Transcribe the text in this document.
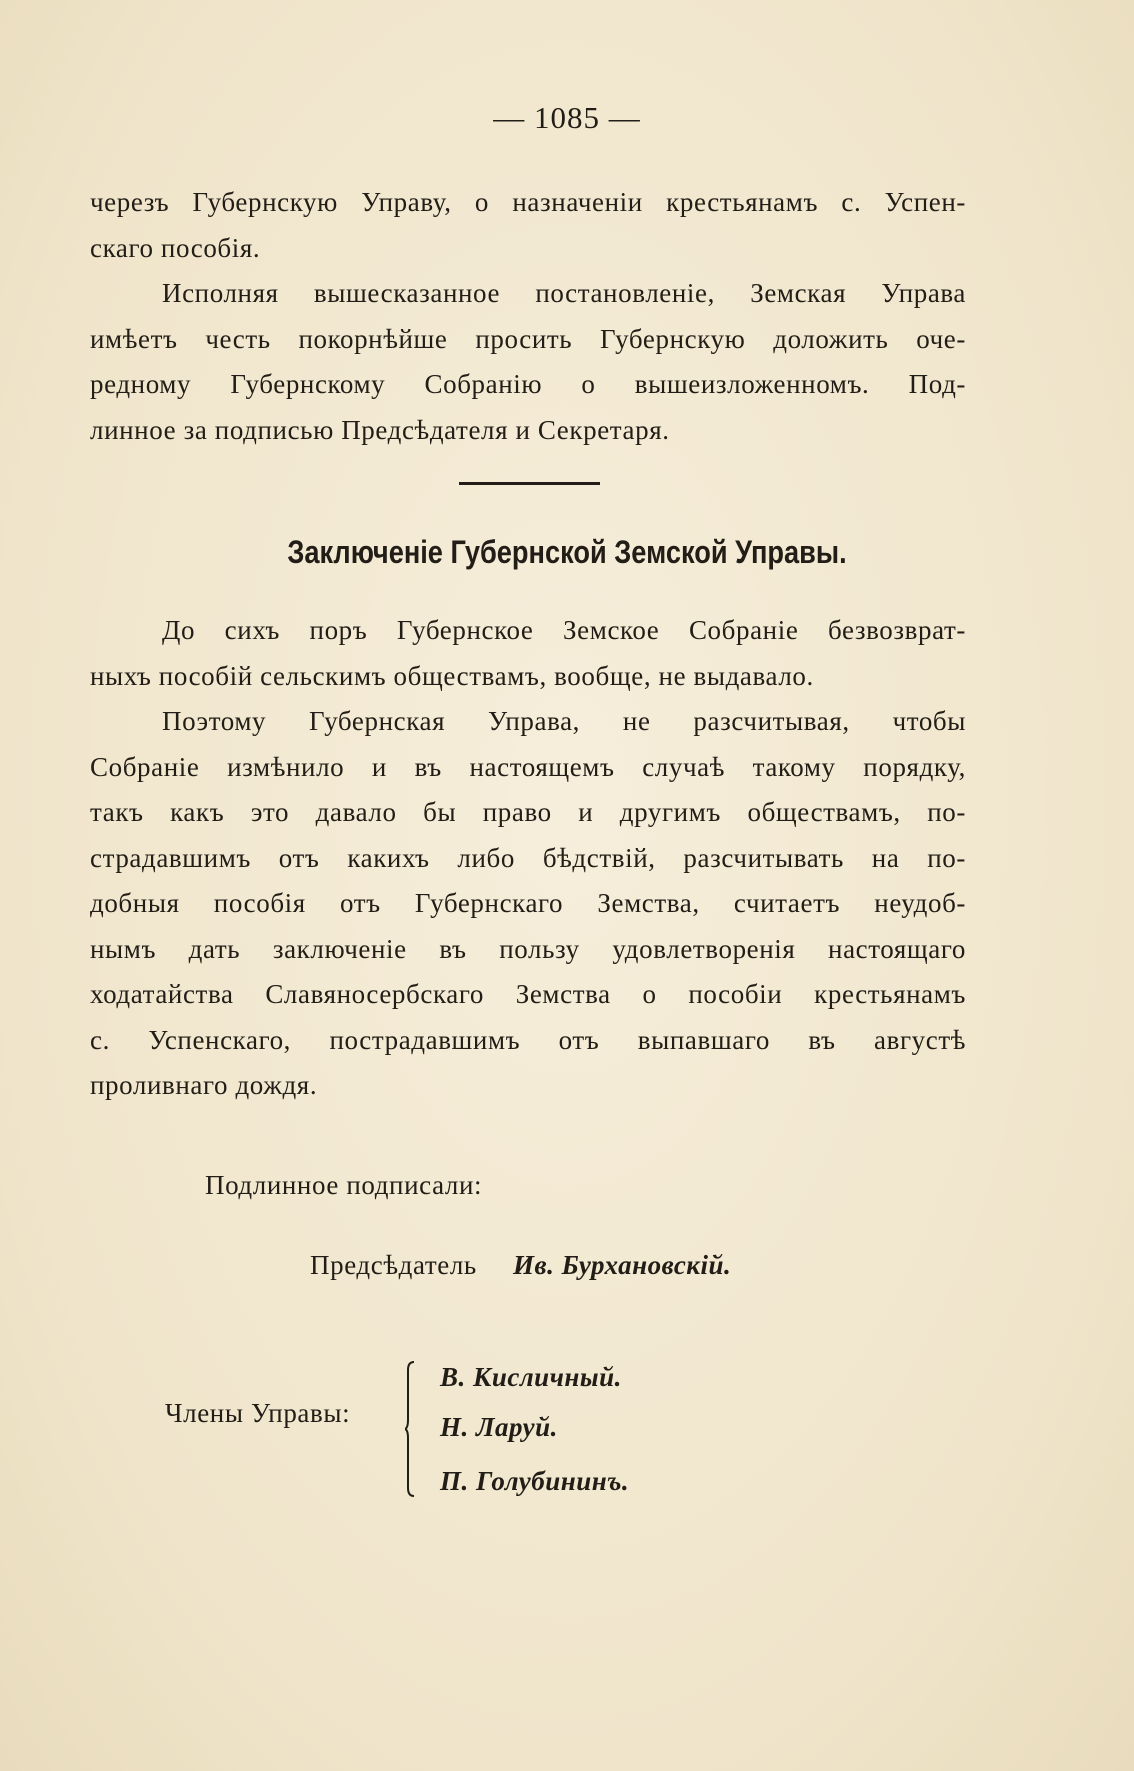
— 1085 —
черезъ Губернскую Управу, о назначеніи крестьянамъ с. Успен-
скаго пособія.
Исполняя вышесказанное постановленіе, Земская Управа
имѣетъ честь покорнѣйше просить Губернскую доложить оче-
редному Губернскому Собранію о вышеизложенномъ. Под-
линное за подписью Предсѣдателя и Секретаря.
Заключеніе Губернской Земской Управы.
До сихъ поръ Губернское Земское Собраніе безвозврат-
ныхъ пособій сельскимъ обществамъ, вообще, не выдавало.
Поэтому Губернская Управа, не разсчитывая, чтобы
Собраніе измѣнило и въ настоящемъ случаѣ такому порядку,
такъ какъ это давало бы право и другимъ обществамъ, по-
страдавшимъ отъ какихъ либо бѣдствій, разсчитывать на по-
добныя пособія отъ Губернскаго Земства, считаетъ неудоб-
нымъ дать заключеніе въ пользу удовлетворенія настоящаго
ходатайства Славяносербскаго Земства о пособіи крестьянамъ
с. Успенскаго, пострадавшимъ отъ выпавшаго въ августѣ
проливнаго дождя.
Подлинное подписали:
Предсѣдатель Ив. Бурхановскій.
Члены Управы:
В. Кисличный.
Н. Ларуй.
П. Голубининъ.
